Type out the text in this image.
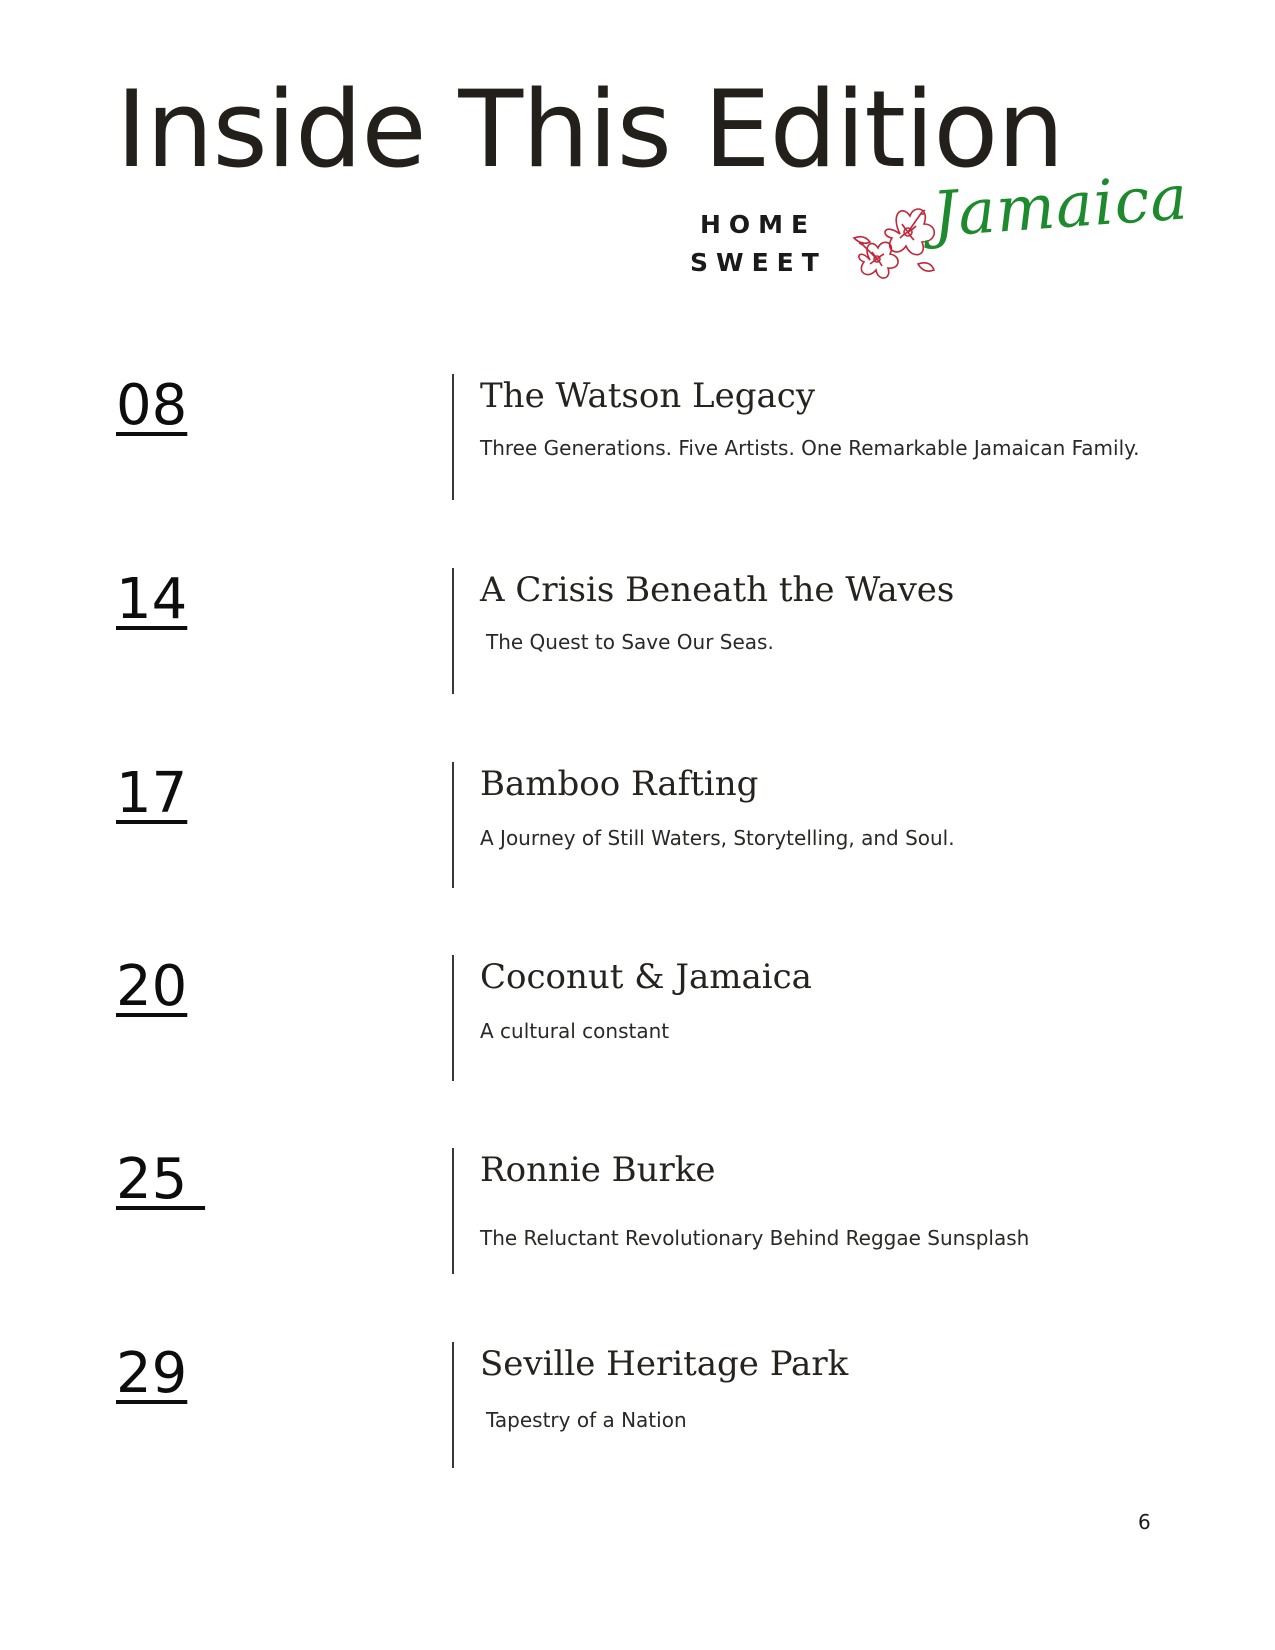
Inside This Edition
HOME
SWEET
Jamaica
08	The Watson Legacy
Three Generations. Five Artists. One Remarkable Jamaican Family.
14	A Crisis Beneath the Waves
The Quest to Save Our Seas.
17	Bamboo Rafting
A Journey of Still Waters, Storytelling, and Soul.
20	Coconut & Jamaica
A cultural constant
25	Ronnie Burke
The Reluctant Revolutionary Behind Reggae Sunsplash
29	Seville Heritage Park
Tapestry of a Nation
6
